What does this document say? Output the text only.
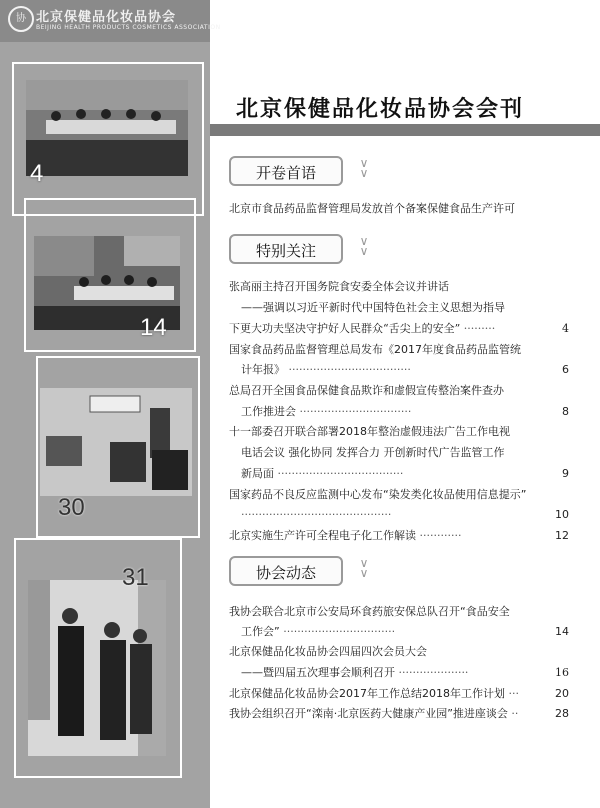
协 北京保健品化妆品协会
BEIJING HEALTH PRODUCTS COSMETICS ASSOCIATION
4
14
30
31
北京保健品化妆品协会会刊
开卷首语
∨
∨
北京市食品药品监督管理局发放首个备案保健食品生产许可
特别关注
∨
∨
张高丽主持召开国务院食安委全体会议并讲话
——强调以习近平新时代中国特色社会主义思想为指导
下更大功夫坚决守护好人民群众“舌尖上的安全” ·········	4
国家食品药品监督管理总局发布《2017年度食品药品监管统
计年报》 ···································	6
总局召开全国食品保健食品欺诈和虚假宣传整治案件查办
工作推进会 ································	8
十一部委召开联合部署2018年整治虚假违法广告工作电视
电话会议 强化协同 发挥合力 开创新时代广告监管工作
新局面 ····································	9
国家药品不良反应监测中心发布“染发类化妆品使用信息提示”
···········································	10
北京实施生产许可全程电子化工作解读 ············	12
协会动态
∨
∨
我协会联合北京市公安局环食药旅安保总队召开“食品安全
工作会” ································	14
北京保健品化妆品协会四届四次会员大会
——暨四届五次理事会顺利召开 ····················	16
北京保健品化妆品协会2017年工作总结2018年工作计划 ···	20
我协会组织召开“滦南·北京医药大健康产业园”推进座谈会 ··	28
